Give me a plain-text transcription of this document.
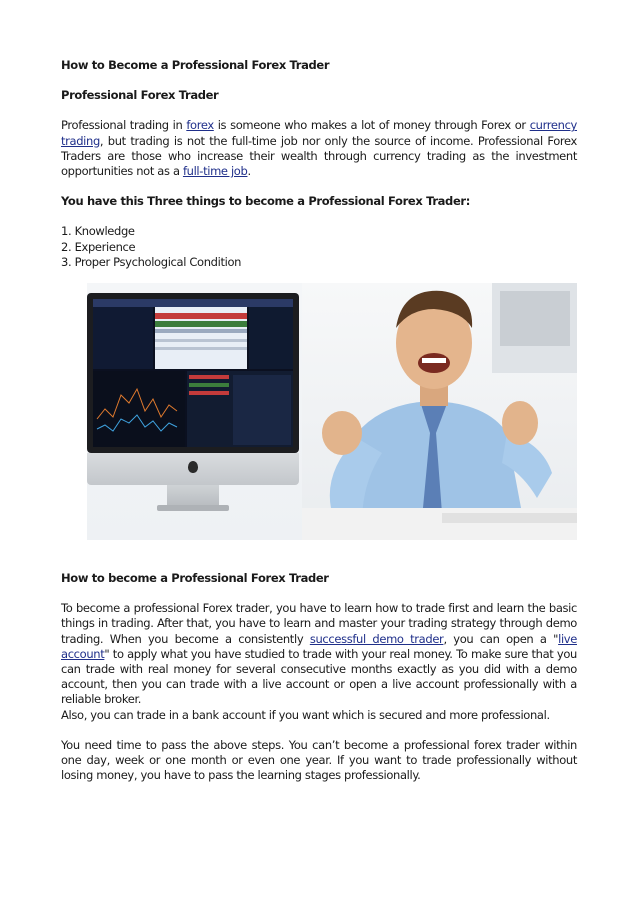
How to Become a Professional Forex Trader

Professional Forex Trader

Professional trading in forex is someone who makes a lot of money through Forex or currency trading, but trading is not the full-time job nor only the source of income. Professional Forex Traders are those who increase their wealth through currency trading as the investment opportunities not as a full-time job.

You have this Three things to become a Professional Forex Trader:

1. Knowledge

2. Experience

3. Proper Psychological Condition

How to become a Professional Forex Trader

To become a professional Forex trader, you have to learn how to trade first and learn the basic things in trading. After that, you have to learn and master your trading strategy through demo trading. When you become a consistently successful demo trader, you can open a "live account" to apply what you have studied to trade with your real money. To make sure that you can trade with real money for several consecutive months exactly as you did with a demo account, then you can trade with a live account or open a live account professionally with a reliable broker.

Also, you can trade in a bank account if you want which is secured and more professional.

You need time to pass the above steps. You can’t become a professional forex trader within one day, week or one month or even one year. If you want to trade professionally without losing money, you have to pass the learning stages professionally.
